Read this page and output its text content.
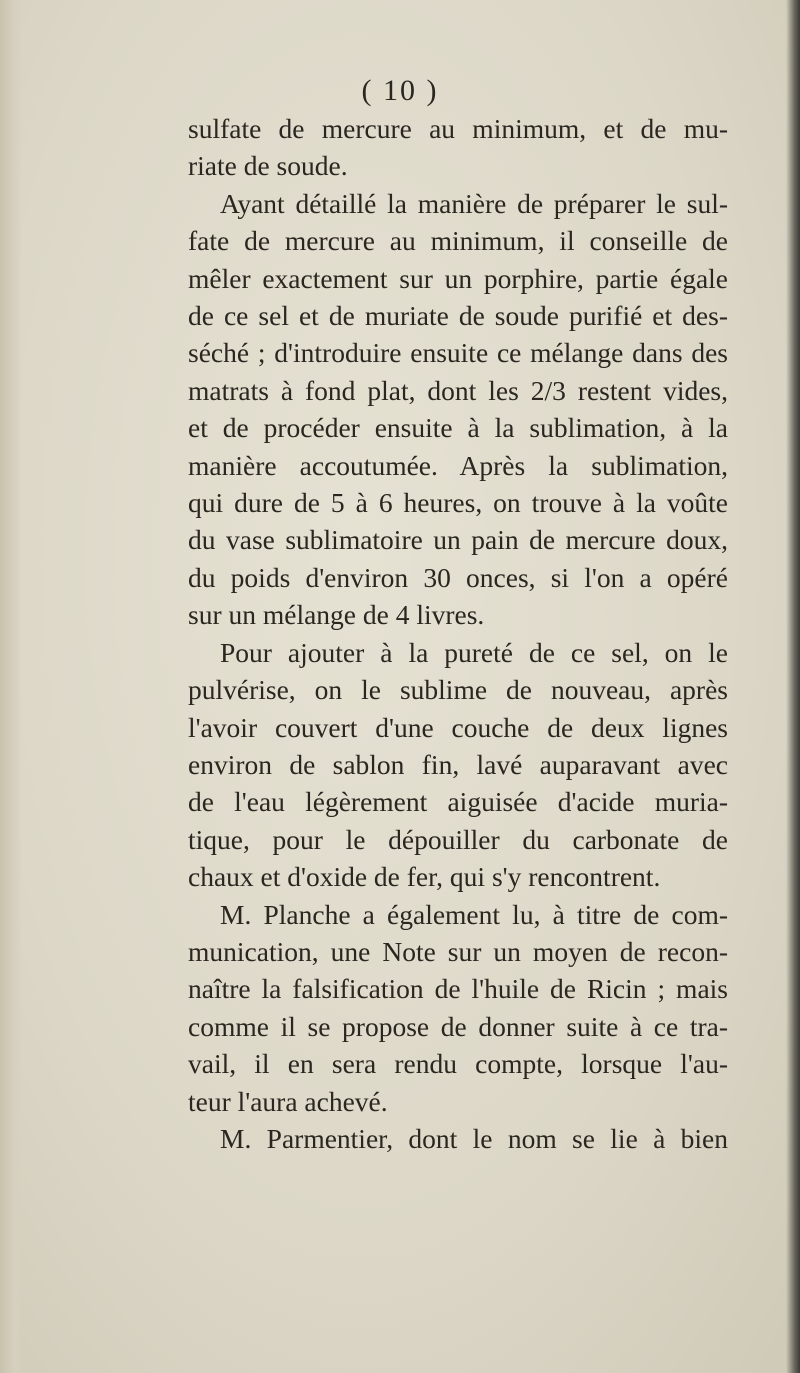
( 10 )

sulfate de mercure au minimum, et de mu-
riate de soude.

Ayant détaillé la manière de préparer le sul-
fate de mercure au minimum, il conseille de
mêler exactement sur un porphire, partie égale
de ce sel et de muriate de soude purifié et des-
séché ; d'introduire ensuite ce mélange dans des
matrats à fond plat, dont les 2/3 restent vides,
et de procéder ensuite à la sublimation, à la
manière accoutumée. Après la sublimation,
qui dure de 5 à 6 heures, on trouve à la voûte
du vase sublimatoire un pain de mercure doux,
du poids d'environ 30 onces, si l'on a opéré
sur un mélange de 4 livres.

Pour ajouter à la pureté de ce sel, on le
pulvérise, on le sublime de nouveau, après
l'avoir couvert d'une couche de deux lignes
environ de sablon fin, lavé auparavant avec
de l'eau légèrement aiguisée d'acide muria-
tique, pour le dépouiller du carbonate de
chaux et d'oxide de fer, qui s'y rencontrent.

M. Planche a également lu, à titre de com-
munication, une Note sur un moyen de recon-
naître la falsification de l'huile de Ricin ; mais
comme il se propose de donner suite à ce tra-
vail, il en sera rendu compte, lorsque l'au-
teur l'aura achevé.

M. Parmentier, dont le nom se lie à bien
